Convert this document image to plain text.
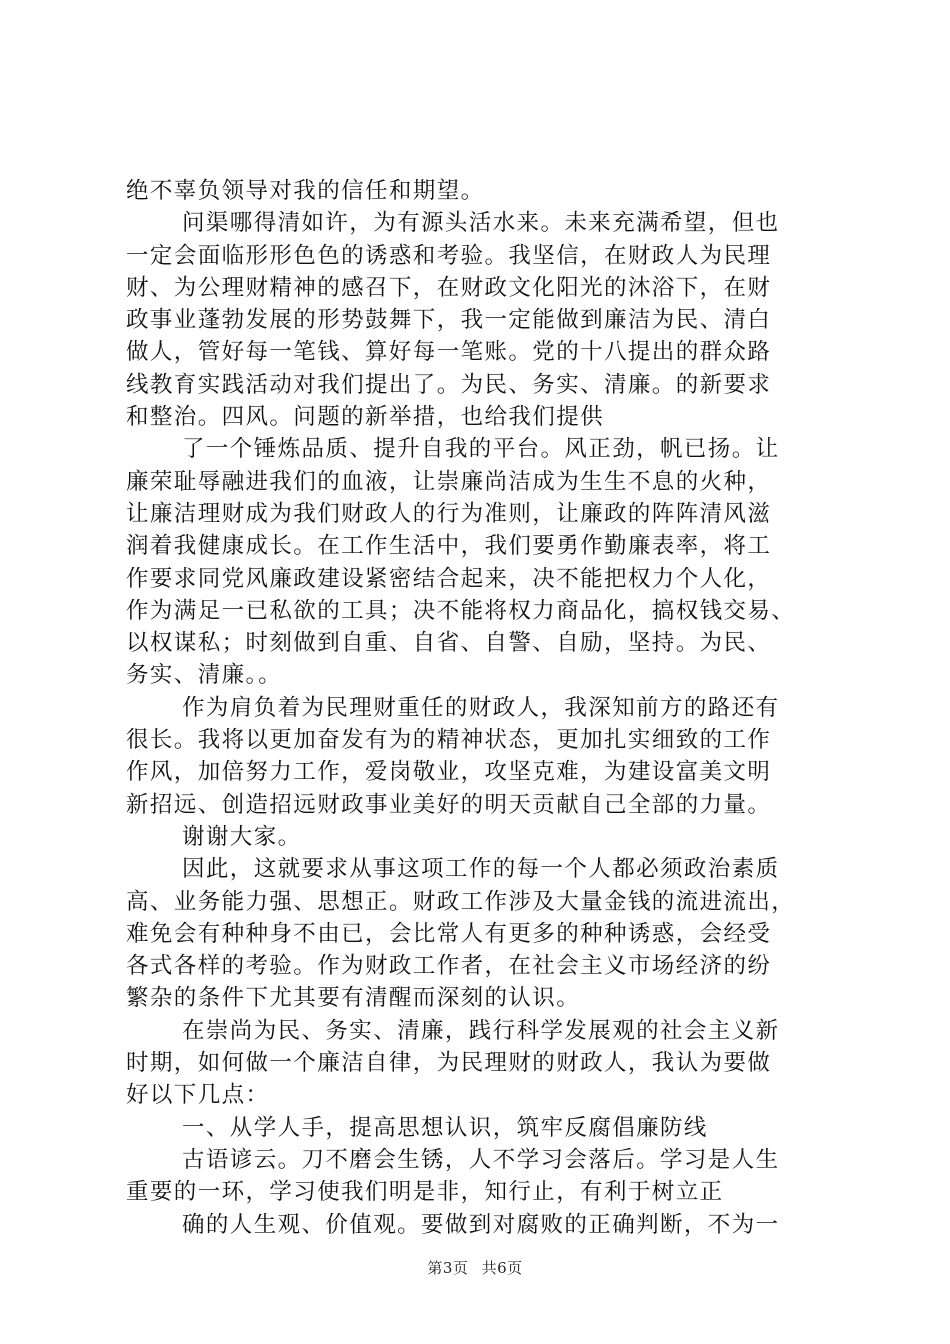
绝不辜负领导对我的信任和期望。
问渠哪得清如许，为有源头活水来。未来充满希望，但也
一定会面临形形色色的诱惑和考验。我坚信，在财政人为民理
财、为公理财精神的感召下，在财政文化阳光的沐浴下，在财
政事业蓬勃发展的形势鼓舞下，我一定能做到廉洁为民、清白
做人，管好每一笔钱、算好每一笔账。党的十八提出的群众路
线教育实践活动对我们提出了。为民、务实、清廉。的新要求
和整治。四风。问题的新举措，也给我们提供
了一个锤炼品质、提升自我的平台。风正劲，帆已扬。让
廉荣耻辱融进我们的血液，让崇廉尚洁成为生生不息的火种，
让廉洁理财成为我们财政人的行为准则，让廉政的阵阵清风滋
润着我健康成长。在工作生活中，我们要勇作勤廉表率，将工
作要求同党风廉政建设紧密结合起来，决不能把权力个人化，
作为满足一已私欲的工具；决不能将权力商品化，搞权钱交易、
以权谋私；时刻做到自重、自省、自警、自励，坚持。为民、
务实、清廉。。
作为肩负着为民理财重任的财政人，我深知前方的路还有
很长。我将以更加奋发有为的精神状态，更加扎实细致的工作
作风，加倍努力工作，爱岗敬业，攻坚克难，为建设富美文明
新招远、创造招远财政事业美好的明天贡献自己全部的力量。
谢谢大家。
因此，这就要求从事这项工作的每一个人都必须政治素质
高、业务能力强、思想正。财政工作涉及大量金钱的流进流出，
难免会有种种身不由已，会比常人有更多的种种诱惑，会经受
各式各样的考验。作为财政工作者，在社会主义市场经济的纷
繁杂的条件下尤其要有清醒而深刻的认识。
在崇尚为民、务实、清廉，践行科学发展观的社会主义新
时期，如何做一个廉洁自律，为民理财的财政人，我认为要做
好以下几点：
一、从学人手，提高思想认识，筑牢反腐倡廉防线
古语谚云。刀不磨会生锈，人不学习会落后。学习是人生
重要的一环，学习使我们明是非，知行止，有利于树立正
确的人生观、价值观。要做到对腐败的正确判断，不为一
第3页 共6页
